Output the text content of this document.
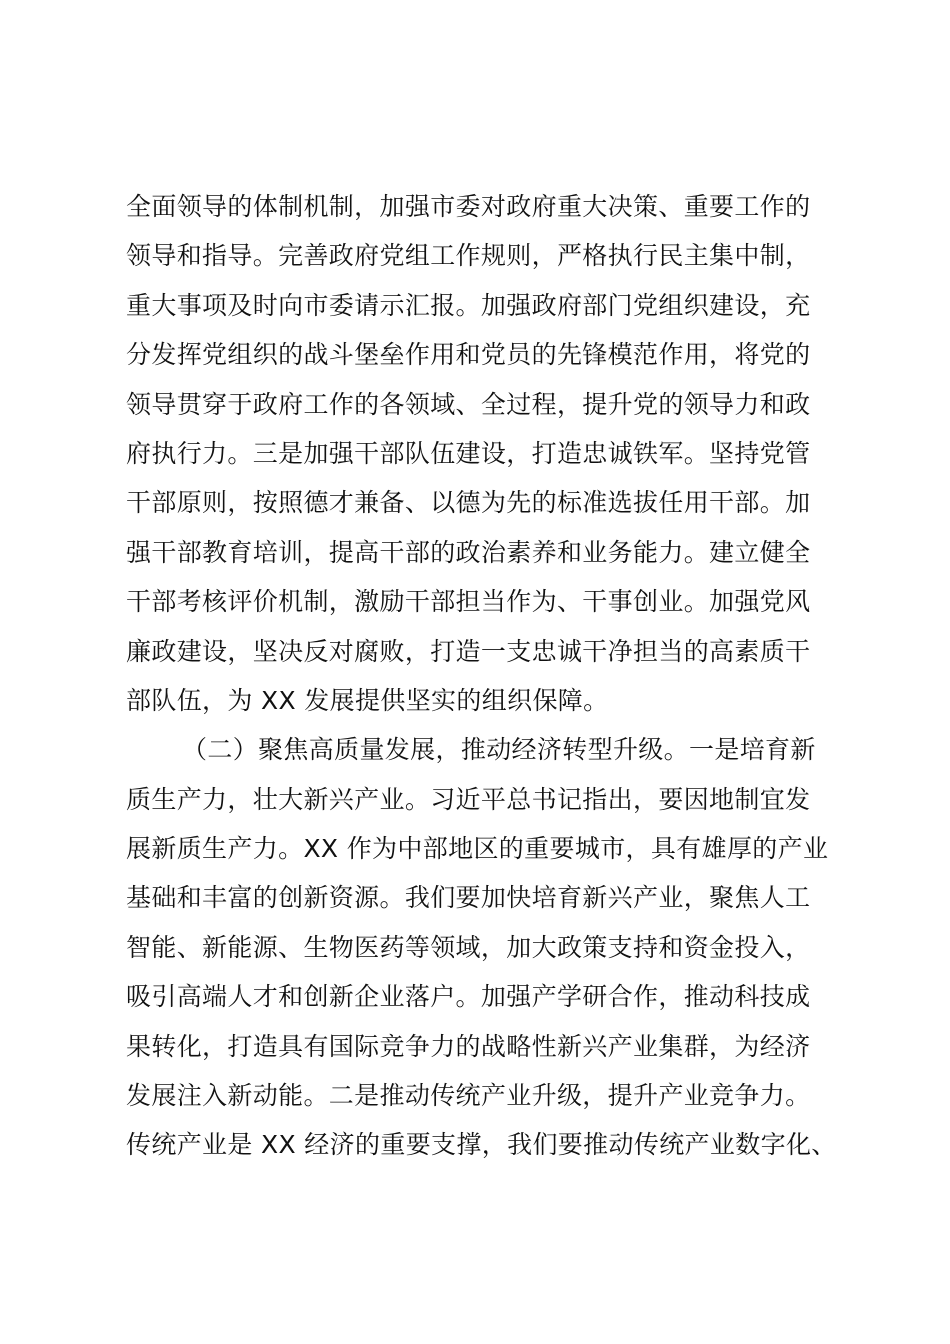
全面领导的体制机制，加强市委对政府重大决策、重要工作的
领导和指导。完善政府党组工作规则，严格执行民主集中制，
重大事项及时向市委请示汇报。加强政府部门党组织建设，充
分发挥党组织的战斗堡垒作用和党员的先锋模范作用，将党的
领导贯穿于政府工作的各领域、全过程，提升党的领导力和政
府执行力。三是加强干部队伍建设，打造忠诚铁军。坚持党管
干部原则，按照德才兼备、以德为先的标准选拔任用干部。加
强干部教育培训，提高干部的政治素养和业务能力。建立健全
干部考核评价机制，激励干部担当作为、干事创业。加强党风
廉政建设，坚决反对腐败，打造一支忠诚干净担当的高素质干
部队伍，为 XX 发展提供坚实的组织保障。
（二）聚焦高质量发展，推动经济转型升级。一是培育新
质生产力，壮大新兴产业。习近平总书记指出，要因地制宜发
展新质生产力。XX 作为中部地区的重要城市，具有雄厚的产业
基础和丰富的创新资源。我们要加快培育新兴产业，聚焦人工
智能、新能源、生物医药等领域，加大政策支持和资金投入，
吸引高端人才和创新企业落户。加强产学研合作，推动科技成
果转化，打造具有国际竞争力的战略性新兴产业集群，为经济
发展注入新动能。二是推动传统产业升级，提升产业竞争力。
传统产业是 XX 经济的重要支撑，我们要推动传统产业数字化、
